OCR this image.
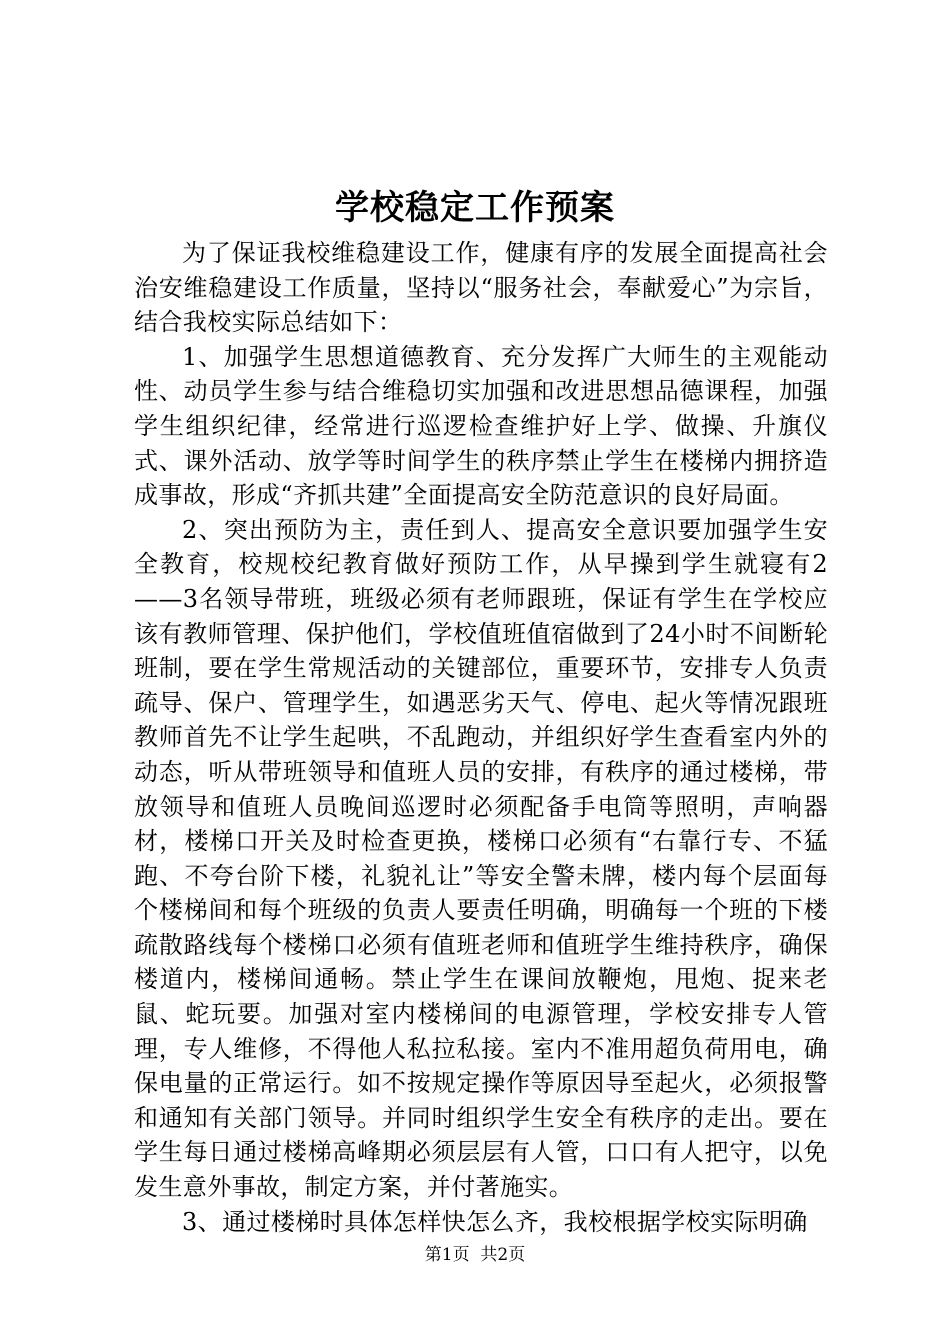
学校稳定工作预案

为了保证我校维稳建设工作，健康有序的发展全面提高社会治安维稳建设工作质量，坚持以“服务社会，奉献爱心”为宗旨，结合我校实际总结如下：

1、加强学生思想道德教育、充分发挥广大师生的主观能动性、动员学生参与结合维稳切实加强和改进思想品德课程，加强学生组织纪律，经常进行巡逻检查维护好上学、做操、升旗仪式、课外活动、放学等时间学生的秩序禁止学生在楼梯内拥挤造成事故，形成“齐抓共建”全面提高安全防范意识的良好局面。

2、突出预防为主，责任到人、提高安全意识要加强学生安全教育，校规校纪教育做好预防工作，从早操到学生就寝有2——3名领导带班，班级必须有老师跟班，保证有学生在学校应该有教师管理、保护他们，学校值班值宿做到了24小时不间断轮班制，要在学生常规活动的关键部位，重要环节，安排专人负责疏导、保户、管理学生，如遇恶劣天气、停电、起火等情况跟班教师首先不让学生起哄，不乱跑动，并组织好学生查看室内外的动态，听从带班领导和值班人员的安排，有秩序的通过楼梯，带放领导和值班人员晚间巡逻时必须配备手电筒等照明，声响器材，楼梯口开关及时检查更换，楼梯口必须有“右靠行专、不猛跑、不夸台阶下楼，礼貌礼让”等安全警未牌，楼内每个层面每个楼梯间和每个班级的负责人要责任明确，明确每一个班的下楼疏散路线每个楼梯口必须有值班老师和值班学生维持秩序，确保楼道内，楼梯间通畅。禁止学生在课间放鞭炮，甩炮、捉来老鼠、蛇玩要。加强对室内楼梯间的电源管理，学校安排专人管理，专人维修，不得他人私拉私接。室内不准用超负荷用电，确保电量的正常运行。如不按规定操作等原因导至起火，必须报警和通知有关部门领导。并同时组织学生安全有秩序的走出。要在学生每日通过楼梯高峰期必须层层有人管，口口有人把守，以免发生意外事故，制定方案，并付著施实。

3、通过楼梯时具体怎样快怎么齐，我校根据学校实际明确

第1页  共2页
